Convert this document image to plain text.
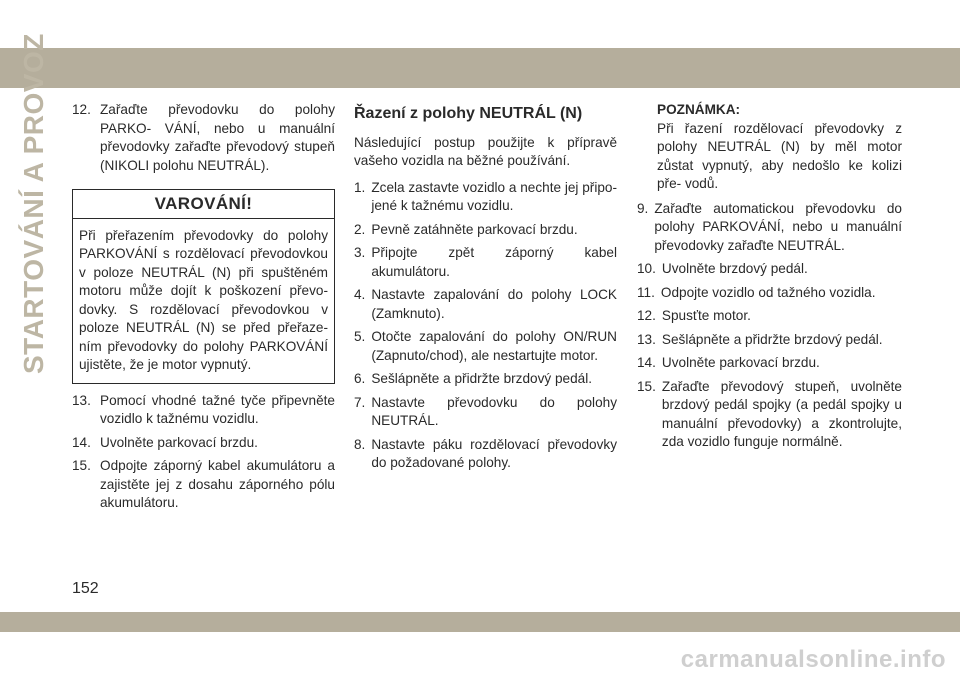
STARTOVÁNÍ A PROVOZ 12. Zařaďte převodovku do polohy PARKO- VÁNÍ, nebo u manuální převodovky zařaďte převodový stupeň (NIKOLI polohu NEUTRÁL).
VAROVÁNÍ!
Při přeřazením převodovky do polohy PARKOVÁNÍ s rozdělovací převodovkou v poloze NEUTRÁL (N) při spuštěném motoru může dojít k poškození převo- dovky. S rozdělovací převodovkou v poloze NEUTRÁL (N) se před přeřaze- ním převodovky do polohy PARKOVÁNÍ ujistěte, že je motor vypnutý.
13. Pomocí vhodné tažné tyče připevněte vozidlo k tažnému vozidlu.
14. Uvolněte parkovací brzdu.
15. Odpojte záporný kabel akumulátoru a zajistěte jej z dosahu záporného pólu akumulátoru.
Řazení z polohy NEUTRÁL (N)
Následující postup použijte k přípravě vašeho vozidla na běžné používání.
1. Zcela zastavte vozidlo a nechte jej připo- jené k tažnému vozidlu.
2. Pevně zatáhněte parkovací brzdu.
3. Připojte zpět záporný kabel akumulátoru.
4. Nastavte zapalování do polohy LOCK (Zamknuto).
5. Otočte zapalování do polohy ON/RUN (Zapnuto/chod), ale nestartujte motor.
6. Sešlápněte a přidržte brzdový pedál.
7. Nastavte převodovku do polohy NEUTRÁL.
8. Nastavte páku rozdělovací převodovky do požadované polohy.
POZNÁMKA:
Při řazení rozdělovací převodovky z polohy NEUTRÁL (N) by měl motor zůstat vypnutý, aby nedošlo ke kolizi pře- vodů.
9. Zařaďte automatickou převodovku do polohy PARKOVÁNÍ, nebo u manuální převodovky zařaďte NEUTRÁL.
10. Uvolněte brzdový pedál.
11. Odpojte vozidlo od tažného vozidla.
12. Spusťte motor.
13. Sešlápněte a přidržte brzdový pedál.
14. Uvolněte parkovací brzdu.
15. Zařaďte převodový stupeň, uvolněte brzdový pedál spojky (a pedál spojky u manuální převodovky) a zkontrolujte, zda vozidlo funguje normálně.
152
carmanualsonline.info
